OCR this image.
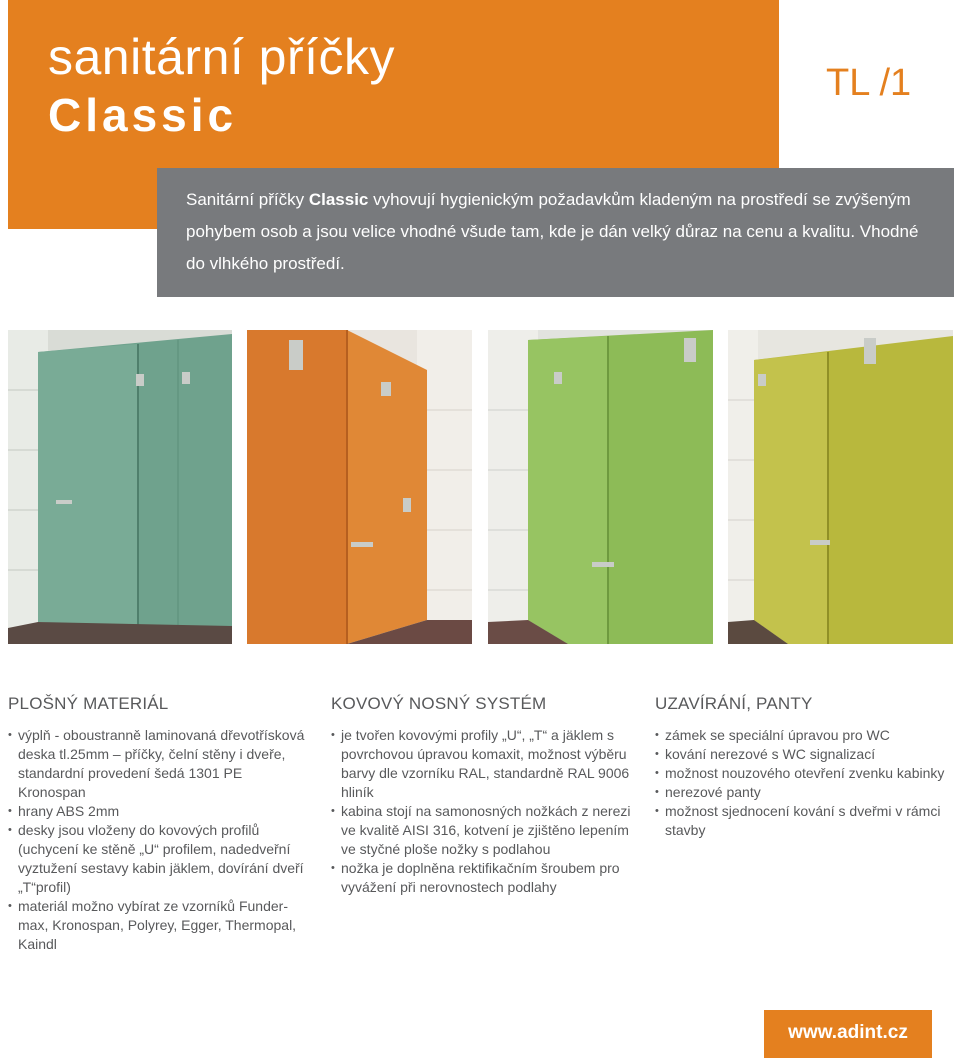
sanitární příčky
Classic
TL /1
Sanitární příčky Classic vyhovují hygienickým požadavkům kladeným na prostředí se zvýšeným pohybem osob a jsou velice vhodné všude tam, kde je dán velký důraz na cenu a kvalitu. Vhodné do vlhkého prostředí.
PLOŠNÝ MATERIÁL
• výplň - oboustranně laminovaná dřevotřísková deska tl.25mm – příčky, čelní stěny i dveře, standardní provedení šedá 1301 PE Kronospan
• hrany ABS 2mm
• desky jsou vloženy do kovových profilů (uchycení ke stěně „U“ profilem, nadedveřní vyztužení sestavy kabin jäklem, dovírání dveří „T“profil)
• materiál možno vybírat ze vzorníků Fundermax, Kronospan, Polyrey, Egger, Thermopal, Kaindl
KOVOVÝ NOSNÝ SYSTÉM
• je tvořen kovovými profily „U“, „T“ a jäklem s povrchovou úpravou komaxit, možnost výběru barvy dle vzorníku RAL, standardně RAL 9006 hliník
• kabina stojí na samonosných nožkách z nerezi ve kvalitě AISI 316, kotvení je zjištěno lepením ve styčné ploše nožky s podlahou
• nožka je doplněna rektifikačním šroubem pro vyvážení při nerovnostech podlahy
UZAVÍRÁNÍ, PANTY
• zámek se speciální úpravou pro WC
• kování nerezové s WC signalizací
• možnost nouzového otevření zvenku kabinky
• nerezové panty
• možnost sjednocení kování s dveřmi v rámci stavby
www.adint.cz
